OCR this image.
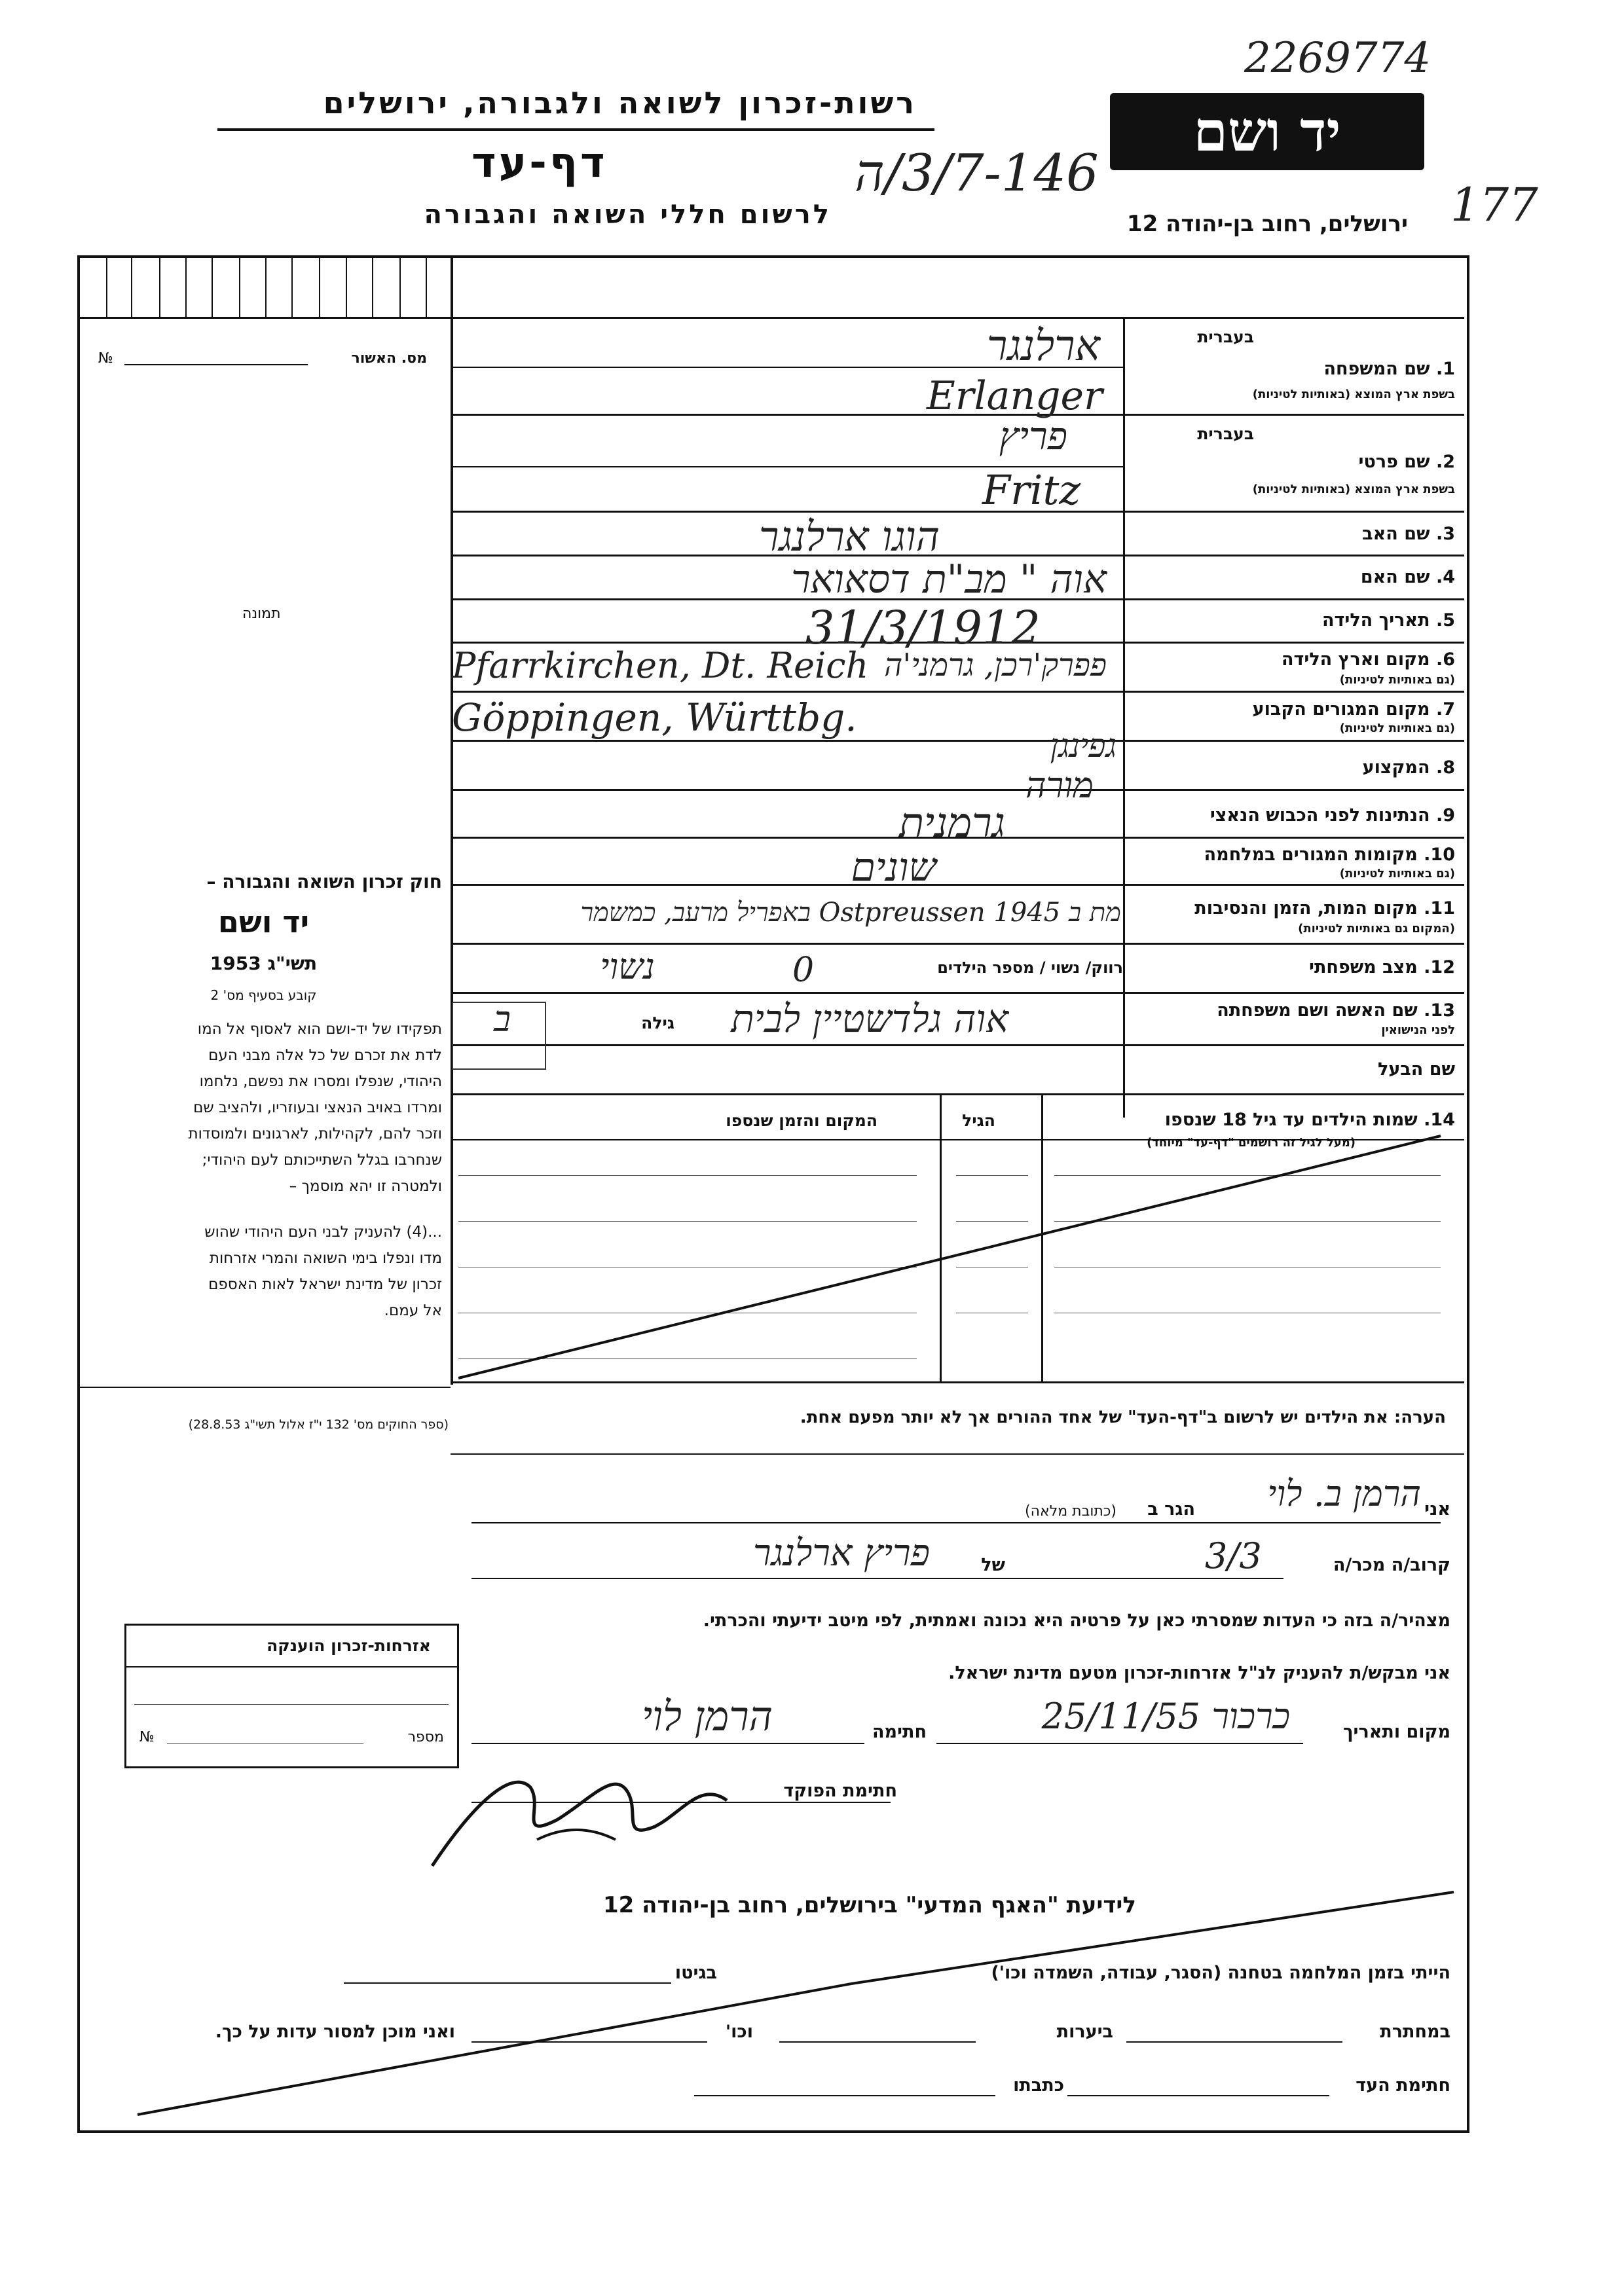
2269774
177
3/7-146/ה
יד ושם
רשות-זכרון לשואה ולגבורה, ירושלים
דף-עד
לרשום חללי השואה והגבורה	ירושלים, רחוב בן-יהודה 12
מס. האשור
№
תמונה
חוק זכרון השואה והגבורה –
יד ושם
תשי"ג 1953
קובע בסעיף מס' 2
תפקידו של יד-ושם הוא לאסוף אל המו
לדת את זכרם של כל אלה מבני העם
היהודי, שנפלו ומסרו את נפשם, נלחמו
ומרדו באויב הנאצי ובעוזריו, ולהציב שם
וזכר להם, לקהילות, לארגונים ולמוסדות
שנחרבו בגלל השתייכותם לעם היהודי;
ולמטרה זו יהא מוסמך –
...(4) להעניק לבני העם היהודי שהוש
מדו ונפלו בימי השואה והמרי אזרחות
זכרון של מדינת ישראל לאות האספם
אל עמם.
(ספר החוקים מס' 132 י"ז אלול תשי"ג 28.8.53)
בעברית
1. שם המשפחה
בשפת ארץ המוצא (באותיות לטיניות)
בעברית
2. שם פרטי
בשפת ארץ המוצא (באותיות לטיניות)
3. שם האב
4. שם האם
5. תאריך הלידה
6. מקום וארץ הלידה
(גם באותיות לטיניות)
7. מקום המגורים הקבוע
(גם באותיות לטיניות)
8. המקצוע
9. הנתינות לפני הכבוש הנאצי
10. מקומות המגורים במלחמה
(גם באותיות לטיניות)
11. מקום המות, הזמן והנסיבות
(המקום גם באותיות לטיניות)
12. מצב משפחתי
רווק/ נשוי / מספר הילדים
13. שם האשה ושם משפחתה
לפני הנישואין
גילה
שם הבעל
ארלנגר
Erlanger
פריץ
Fritz
הוגו ארלנגר
אוה " מב"ת דסאואר
31/3/1912
Pfarrkirchen, Dt. Reich פפרק'רכן, גרמני'ה
Göppingen, Württbg.
גפינגן
מורה
גרמנית
שונים
מת ב Ostpreussen 1945 באפריל מרעב, כמשמר
נשוי	0
אוה גלדשטיין לבית
ב
14. שמות הילדים עד גיל 18 שנספו
(מעל לגיל זה רושמים "דף-עד" מיוחד)
הגיל
המקום והזמן שנספו
הערה: את הילדים יש לרשום ב"דף-העד" של אחד ההורים אך לא יותר מפעם אחת.
אני
הרמן ב. לוי
הגר ב
(כתובת מלאה)
קרוב/ה מכר/ה
3/3
של
פריץ ארלנגר
מצהיר/ה בזה כי העדות שמסרתי כאן על פרטיה היא נכונה ואמתית, לפי מיטב ידיעתי והכרתי.
אני מבקש/ת להעניק לנ"ל אזרחות-זכרון מטעם מדינת ישראל.
מקום ותאריך
כרכור 25/11/55
חתימה
הרמן לוי
חתימת הפוקד
אזרחות-זכרון הוענקה
מספר
№
לידיעת "האגף המדעי" בירושלים, רחוב בן-יהודה 12
הייתי בזמן המלחמה בטחנה (הסגר, עבודה, השמדה וכו')
בגיטו
במחתרת
ביערות
וכו'
ואני מוכן למסור עדות על כך.
חתימת העד
כתבתו
